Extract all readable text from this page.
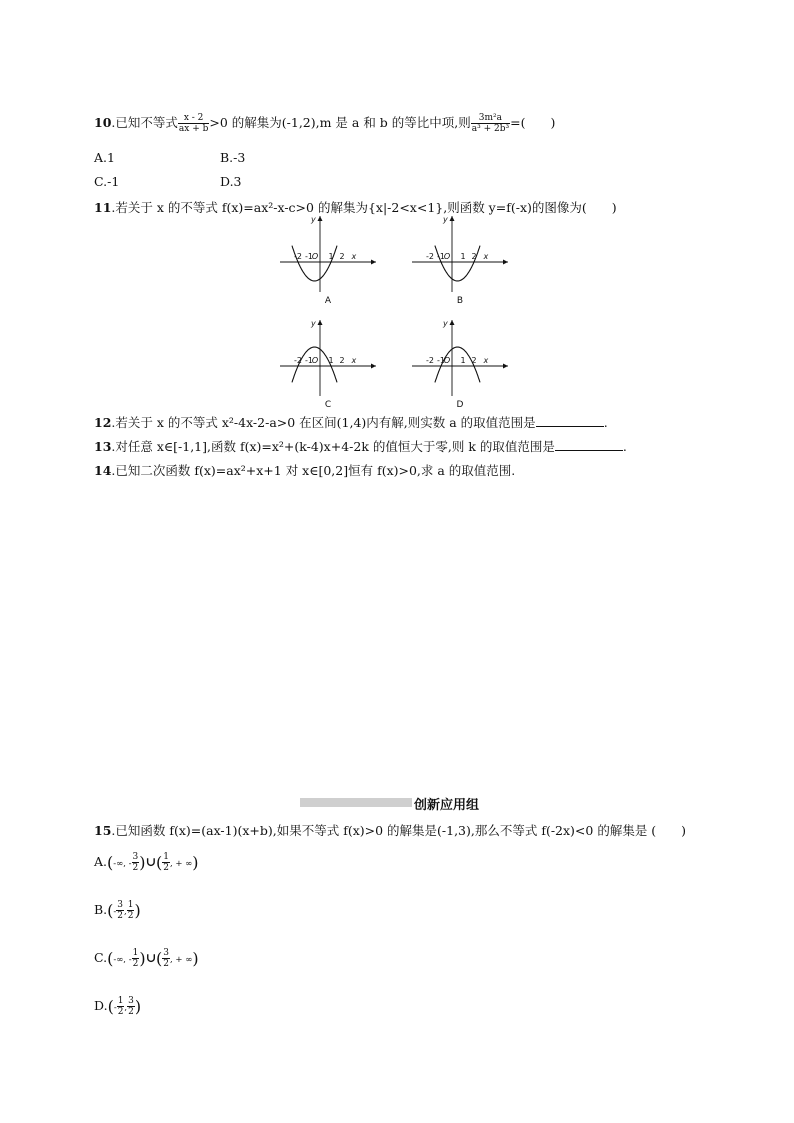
10.已知不等式 $\frac{x - 2}{ax + b} >0$ 的解集为(-1,2),m 是 a 和 b 的等比中项,则 $\frac{\text{3m²a}}{\text{a³ + 2b³}}$ =(　　)
A.1	B.-3
C.-1	D.3
11.若关于 x 的不等式 f(x)=ax²-x-c>0 的解集为{x|-2<x<1},则函数 y=f(-x)的图像为(　　)
y
-2 -1
O 1 2 x
A
y
-2 -1
O 1 2 x
B
y
-2 -1
O 1 2 x
C
y
-2 -1
O 1 2 x
D
12.若关于 x 的不等式 x²-4x-2-a>0 在区间(1,4)内有解,则实数 a 的取值范围是	.
13.对任意 x∈[-1,1],函数 f(x)=x²+(k-4)x+4-2k 的值恒大于零,则 k 的取值范围是	.
14.已知二次函数 f(x)=ax²+x+1 对 x∈[0,2]恒有 f(x)>0,求 a 的取值范围.
创新应用组
15.已知函数 f(x)=(ax-1)(x+b),如果不等式 f(x)>0 的解集是(-1,3),那么不等式 f(-2x)<0 的解集是 (　　)
A.(-∞, - $\frac{3}{2}$ )∪( $\frac{1}{2}$ , + ∞)
$B.(- \frac{3}{2}$ , $\frac{1}{2}$ )
C.(-∞, - $\frac{1}{2}$ )∪( $\frac{3}{2}$ , + ∞)
$D.(- \frac{1}{2}$ , $\frac{3}{2}$ )
